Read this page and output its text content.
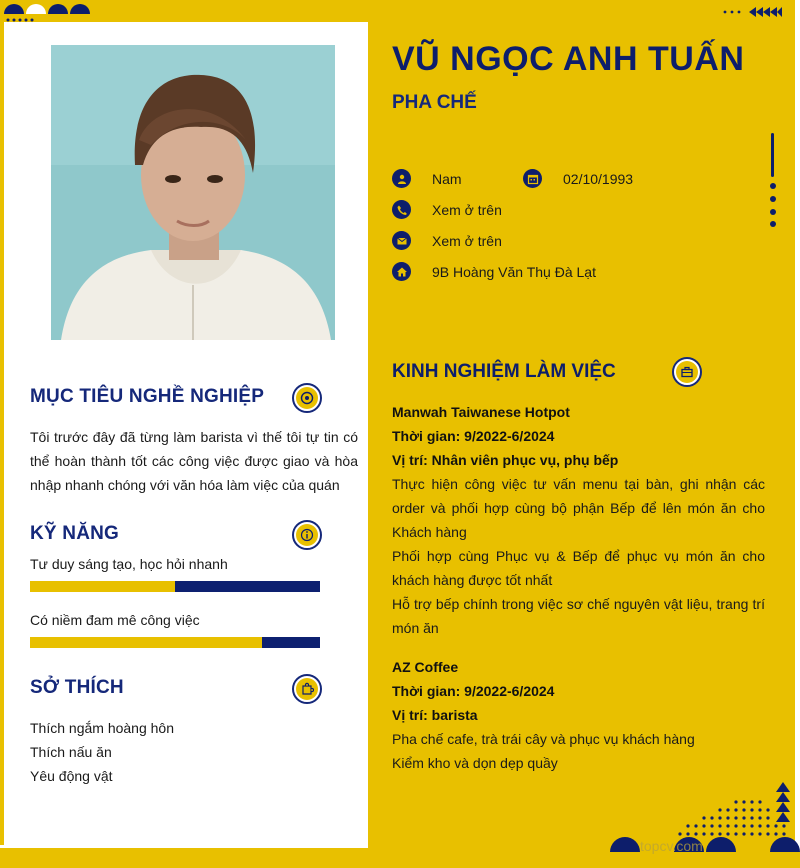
MỤC TIÊU NGHỀ NGHIỆP
Tôi trước đây đã từng làm barista vì thế tôi tự tin có thể hoàn thành tốt các công việc được giao và hòa nhập nhanh chóng với văn hóa làm việc của quán
KỸ NĂNG
Tư duy sáng tạo, học hỏi nhanh
Có niềm đam mê công việc
SỞ THÍCH
Thích ngắm hoàng hôn
Thích nấu ăn
Yêu động vật
VŨ NGỌC ANH TUẤN
PHA CHẾ
Nam	02/10/1993
Xem ở trên
Xem ở trên
9B Hoàng Văn Thụ Đà Lạt
KINH NGHIỆM LÀM VIỆC
Manwah Taiwanese Hotpot
Thời gian: 9/2022-6/2024
Vị trí: Nhân viên phục vụ, phụ bếp
Thực hiện công việc tư vấn menu tại bàn, ghi nhận các order và phối hợp cùng bộ phận Bếp để lên món ăn cho Khách hàng
Phối hợp cùng Phục vụ & Bếp để phục vụ món ăn cho khách hàng được tốt nhất
Hỗ trợ bếp chính trong việc sơ chế nguyên vật liệu, trang trí món ăn
AZ Coffee
Thời gian: 9/2022-6/2024
Vị trí: barista
Pha chế cafe, trà trái cây và phục vụ khách hàng
Kiểm kho và dọn dẹp quầy
topcv.com
